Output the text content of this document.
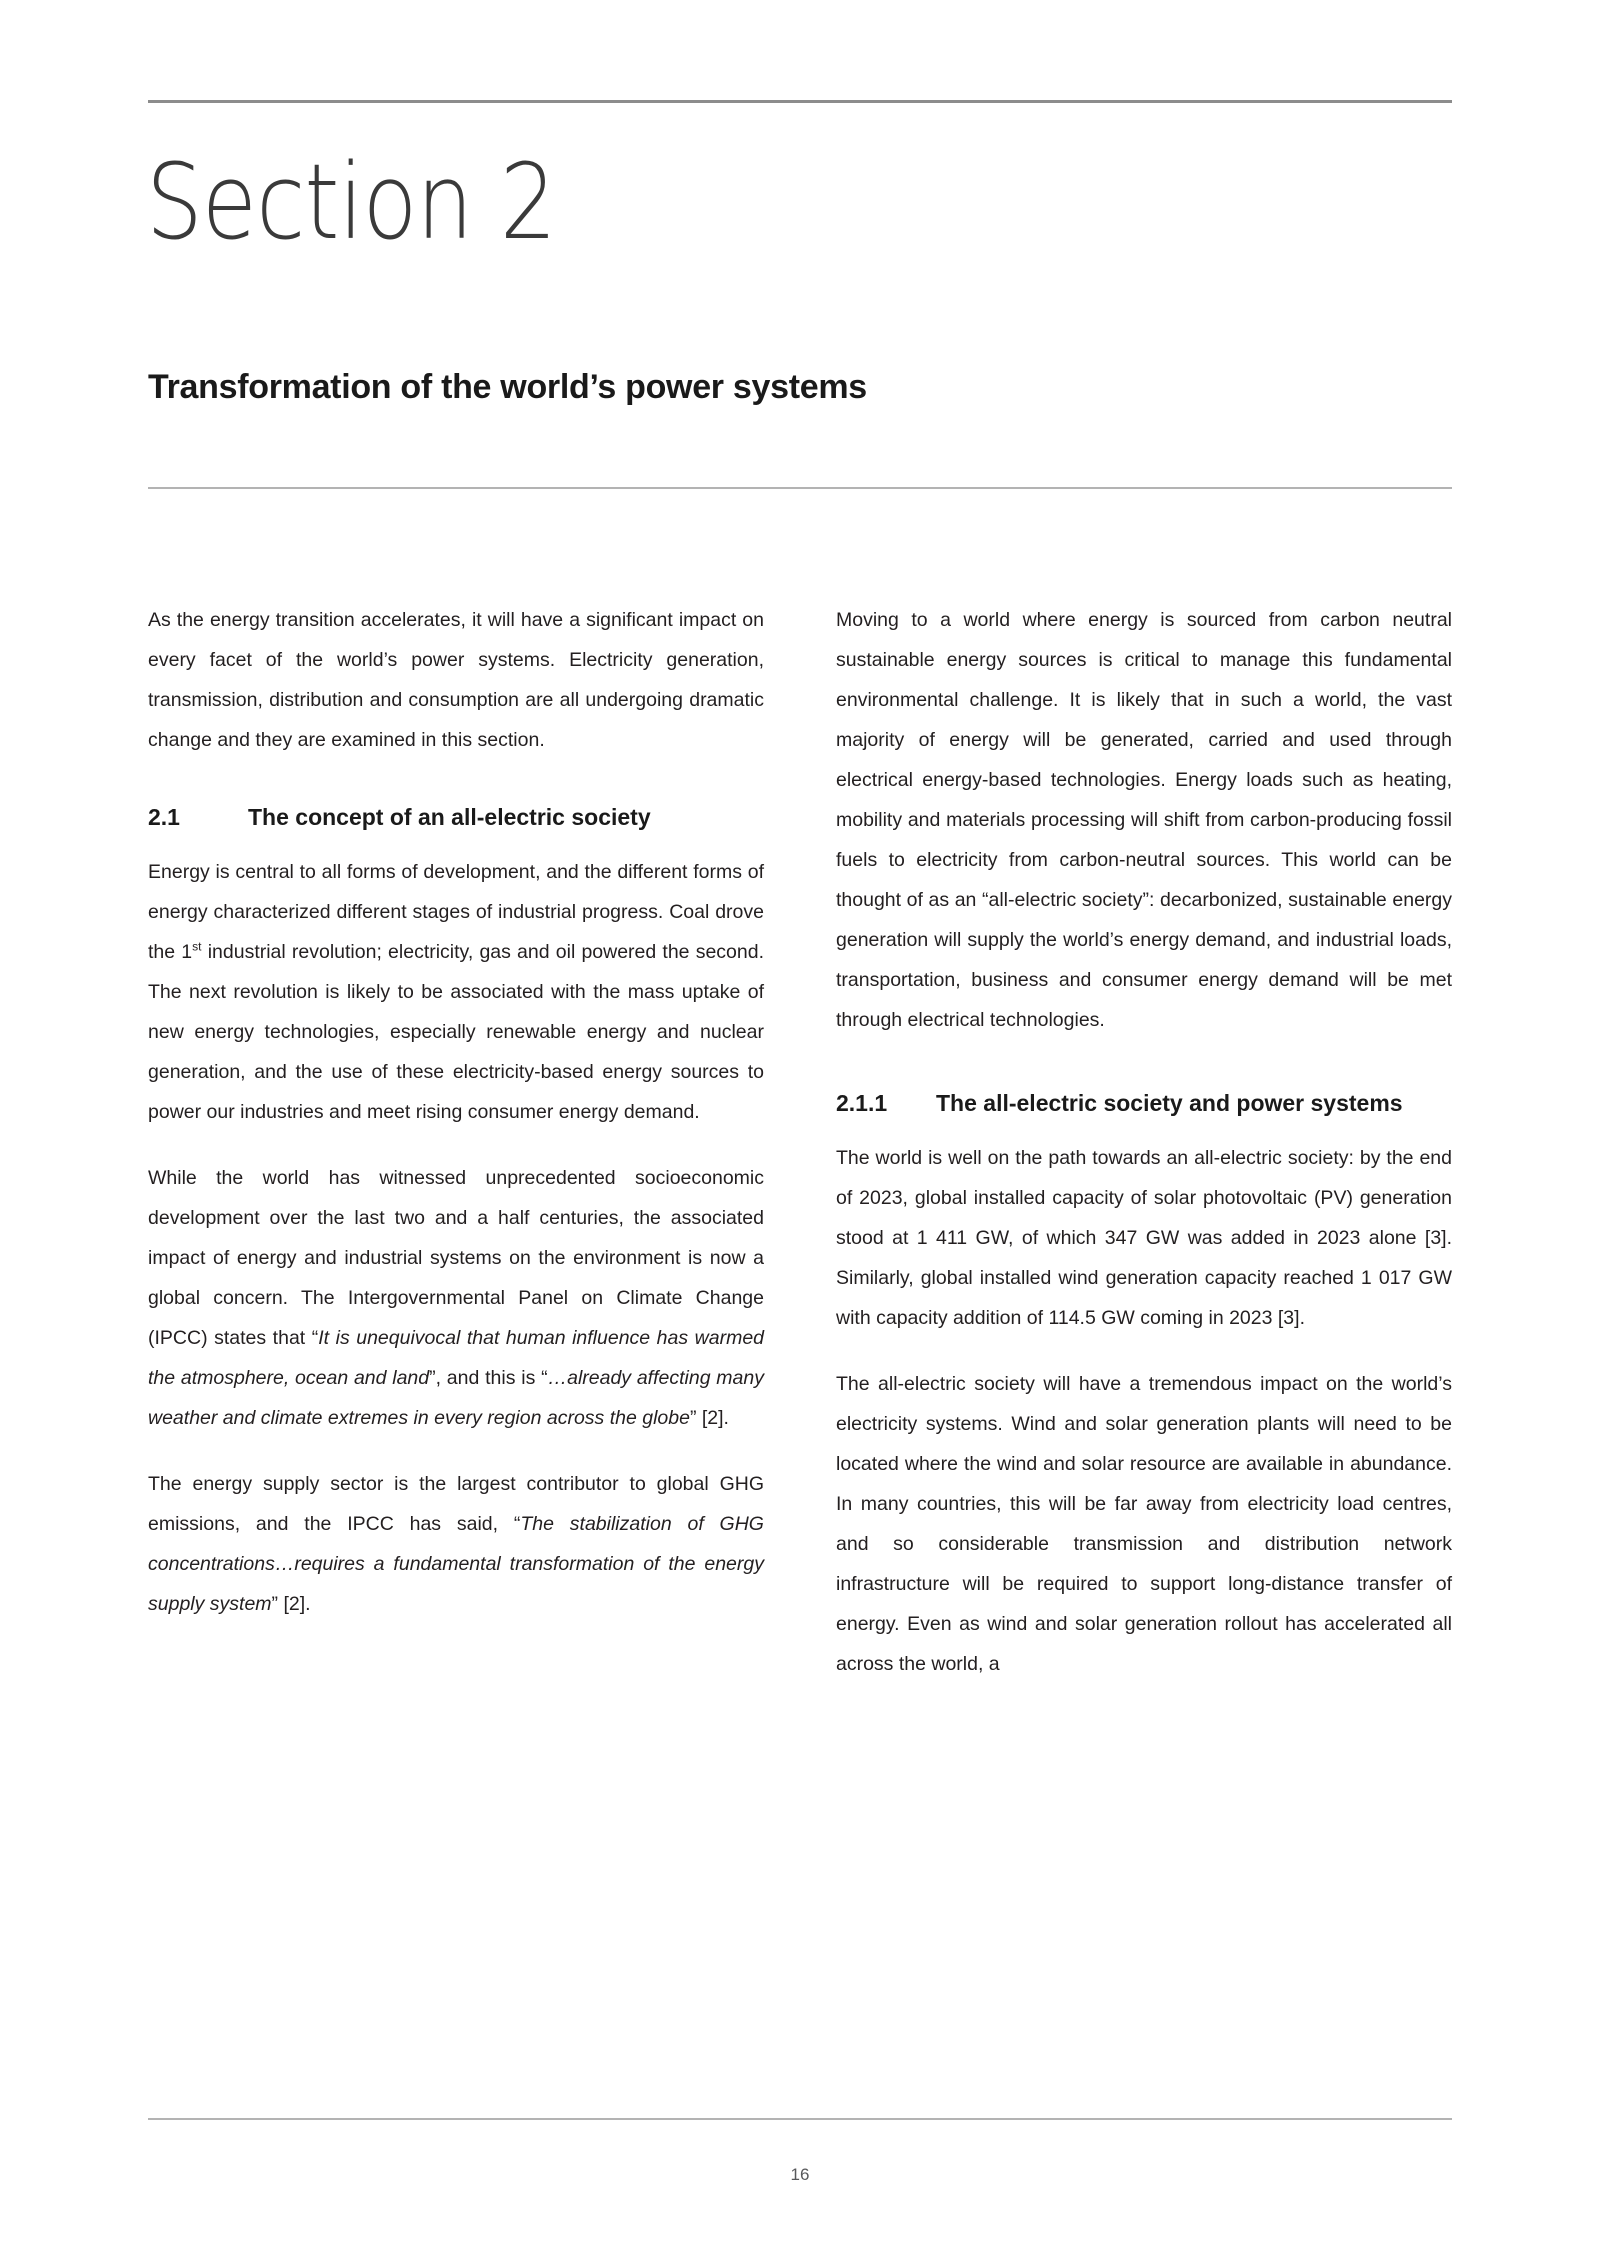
Section 2
Transformation of the world’s power systems

As the energy transition accelerates, it will have a significant impact on every facet of the world’s power systems. Electricity generation, transmission, distribution and consumption are all undergoing dramatic change and they are examined in this section.

2.1	The concept of an all-electric society

Energy is central to all forms of development, and the different forms of energy characterized different stages of industrial progress. Coal drove the 1st industrial revolution; electricity, gas and oil powered the second. The next revolution is likely to be associated with the mass uptake of new energy technologies, especially renewable energy and nuclear generation, and the use of these electricity-based energy sources to power our industries and meet rising consumer energy demand.

While the world has witnessed unprecedented socioeconomic development over the last two and a half centuries, the associated impact of energy and industrial systems on the environment is now a global concern. The Intergovernmental Panel on Climate Change (IPCC) states that “It is unequivocal that human influence has warmed the atmosphere, ocean and land”, and this is “…already affecting many weather and climate extremes in every region across the globe” [2].

The energy supply sector is the largest contributor to global GHG emissions, and the IPCC has said, “The stabilization of GHG concentrations…requires a fundamental transformation of the energy supply system” [2].

Moving to a world where energy is sourced from carbon neutral sustainable energy sources is critical to manage this fundamental environmental challenge. It is likely that in such a world, the vast majority of energy will be generated, carried and used through electrical energy-based technologies. Energy loads such as heating, mobility and materials processing will shift from carbon-producing fossil fuels to electricity from carbon-neutral sources. This world can be thought of as an “all-electric society”: decarbonized, sustainable energy generation will supply the world’s energy demand, and industrial loads, transportation, business and consumer energy demand will be met through electrical technologies.

2.1.1	The all-electric society and power systems

The world is well on the path towards an all-electric society: by the end of 2023, global installed capacity of solar photovoltaic (PV) generation stood at 1 411 GW, of which 347 GW was added in 2023 alone [3]. Similarly, global installed wind generation capacity reached 1 017 GW with capacity addition of 114.5 GW coming in 2023 [3].

The all-electric society will have a tremendous impact on the world’s electricity systems. Wind and solar generation plants will need to be located where the wind and solar resource are available in abundance. In many countries, this will be far away from electricity load centres, and so considerable transmission and distribution network infrastructure will be required to support long-distance transfer of energy. Even as wind and solar generation rollout has accelerated all across the world, a

16
